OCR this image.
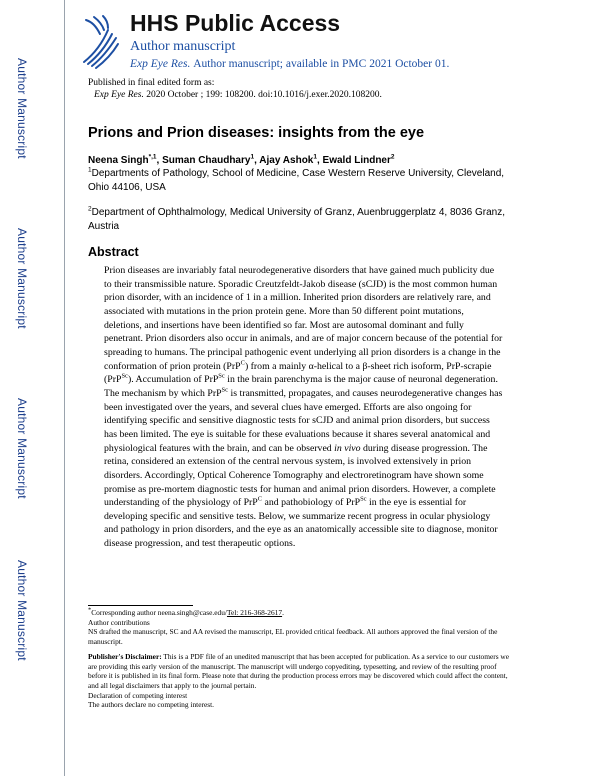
Author Manuscript
Author Manuscript
Author Manuscript
Author Manuscript
HHS Public Access
Author manuscript
Exp Eye Res. Author manuscript; available in PMC 2021 October 01.
Published in final edited form as:
Exp Eye Res. 2020 October ; 199: 108200. doi:10.1016/j.exer.2020.108200.
Prions and Prion diseases: insights from the eye
Neena Singh$^{*,1}$, Suman Chaudhary$^1$, Ajay Ashok$^1$, Ewald Lindner$^2$
$^1$Departments of Pathology, School of Medicine, Case Western Reserve University, Cleveland, Ohio 44106, USA
$^2$Department of Ophthalmology, Medical University of Granz, Auenbruggerplatz 4, 8036 Granz, Austria
Abstract
Prion diseases are invariably fatal neurodegenerative disorders that have gained much publicity due to their transmissible nature. Sporadic Creutzfeldt-Jakob disease (sCJD) is the most common human prion disorder, with an incidence of 1 in a million. Inherited prion disorders are relatively rare, and associated with mutations in the prion protein gene. More than 50 different point mutations, deletions, and insertions have been identified so far. Most are autosomal dominant and fully penetrant. Prion disorders also occur in animals, and are of major concern because of the potential for spreading to humans. The principal pathogenic event underlying all prion disorders is a change in the conformation of prion protein (PrP$^C$) from a mainly α-helical to a β-sheet rich isoform, PrP-scrapie (PrP$^{Sc}$). Accumulation of PrP$^{Sc}$ in the brain parenchyma is the major cause of neuronal degeneration. The mechanism by which PrP$^{Sc}$ is transmitted, propagates, and causes neurodegenerative changes has been investigated over the years, and several clues have emerged. Efforts are also ongoing for identifying specific and sensitive diagnostic tests for sCJD and animal prion disorders, but success has been limited. The eye is suitable for these evaluations because it shares several anatomical and physiological features with the brain, and can be observed in vivo during disease progression. The retina, considered an extension of the central nervous system, is involved extensively in prion disorders. Accordingly, Optical Coherence Tomography and electroretinogram have shown some promise as pre-mortem diagnostic tests for human and animal prion disorders. However, a complete understanding of the physiology of PrP$^C$ and pathobiology of PrP$^{Sc}$ in the eye is essential for developing specific and sensitive tests. Below, we summarize recent progress in ocular physiology and pathology in prion disorders, and the eye as an anatomically accessible site to diagnose, monitor disease progression, and test therapeutic options.
*Corresponding author neena.singh@case.edu/Tel: 216-368-2617.
Author contributions
NS drafted the manuscript, SC and AA revised the manuscript, EL provided critical feedback. All authors approved the final version of the manuscript.
Publisher's Disclaimer: This is a PDF file of an unedited manuscript that has been accepted for publication. As a service to our customers we are providing this early version of the manuscript. The manuscript will undergo copyediting, typesetting, and review of the resulting proof before it is published in its final form. Please note that during the production process errors may be discovered which could affect the content, and all legal disclaimers that apply to the journal pertain.
Declaration of competing interest
The authors declare no competing interest.
